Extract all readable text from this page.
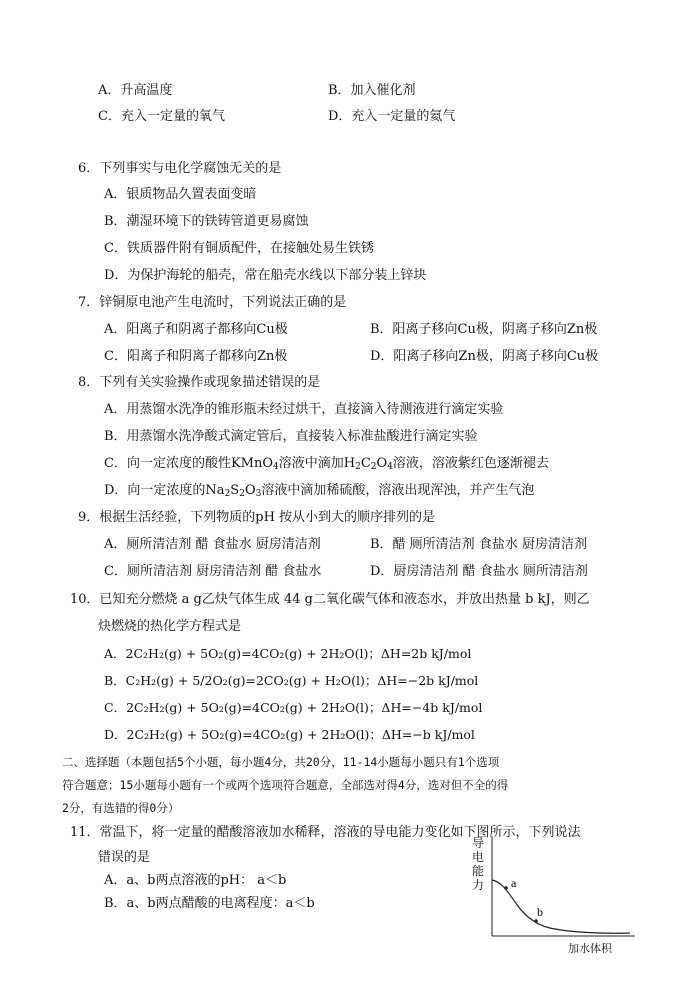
A．升高温度	B．加入催化剂
C．充入一定量的氧气	D．充入一定量的氦气
6．下列事实与电化学腐蚀无关的是
A．银质物品久置表面变暗
B．潮湿环境下的铁铸管道更易腐蚀
C．铁质器件附有铜质配件，在接触处易生铁锈
D．为保护海轮的船壳，常在船壳水线以下部分装上锌块
7．锌铜原电池产生电流时，下列说法正确的是
A．阳离子和阴离子都移向Cu极	B．阳离子移向Cu极，阴离子移向Zn极
C．阳离子和阴离子都移向Zn极	D．阳离子移向Zn极，阴离子移向Cu极
8．下列有关实验操作或现象描述错误的是
A．用蒸馏水洗净的锥形瓶未经过烘干，直接滴入待测液进行滴定实验
B．用蒸馏水洗净酸式滴定管后，直接装入标准盐酸进行滴定实验
C．向一定浓度的酸性KMnO$_4$溶液中滴加$H_2C_2O_4$溶液，溶液紫红色逐渐褪去
D．向一定浓度的$Na_2S_2O_3$溶液中滴加稀硫酸，溶液出现浑浊，并产生气泡
9．根据生活经验，下列物质的pH 按从小到大的顺序排列的是
A．厕所清洁剂 醋 食盐水 厨房清洁剂	B．醋 厕所清洁剂 食盐水 厨房清洁剂
C．厕所清洁剂 厨房清洁剂 醋 食盐水	D．厨房清洁剂 醋 食盐水 厕所清洁剂
10．已知充分燃烧 a g乙炔气体生成 44 g二氧化碳气体和液态水，并放出热量 b kJ，则乙
炔燃烧的热化学方程式是
A．2C₂H₂(g) + 5O₂(g)=4CO₂(g) + 2H₂O(l)；ΔH=2b kJ/mol
B．C₂H₂(g) + 5/2O₂(g)=2CO₂(g) + H₂O(l)；ΔH=−2b kJ/mol
C．2C₂H₂(g) + 5O₂(g)=4CO₂(g) + 2H₂O(l)；ΔH=−4b kJ/mol
D．2C₂H₂(g) + 5O₂(g)=4CO₂(g) + 2H₂O(l)；ΔH=−b kJ/mol
二、选择题（本题包括5个小题，每小题4分，共20分，11-14小题每小题只有1个选项
符合题意；15小题每小题有一个或两个选项符合题意，全部选对得4分，选对但不全的得
2分，有选错的得0分）
11．常温下，将一定量的醋酸溶液加水稀释，溶液的导电能力变化如下图所示，下列说法
错误的是
A．a、b两点溶液的pH： a＜b
B．a、b两点醋酸的电离程度：a＜b
a
b
导
电
能
力
加水体积
